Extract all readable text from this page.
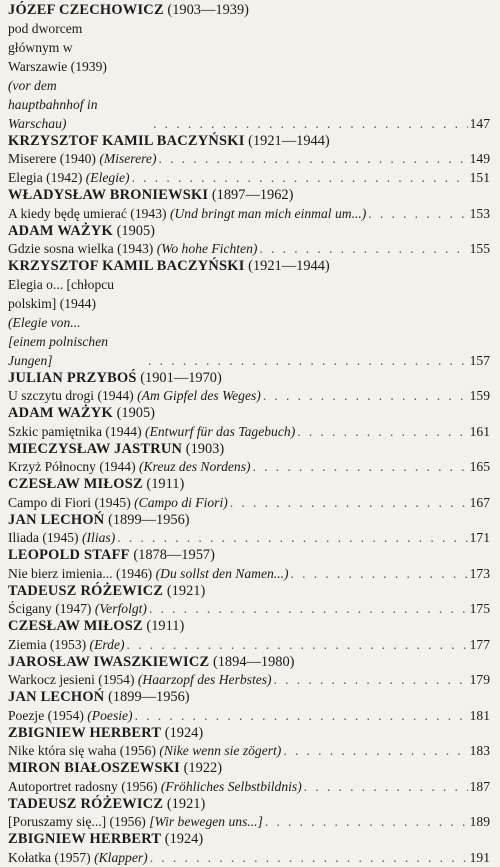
JÓZEF CZECHOWICZ (1903—1939)
pod dworcem głównym w Warszawie (1939) (vor dem hauptbahnhof in Warschau) . . .	147
KRZYSZTOF KAMIL BACZYŃSKI (1921—1944)
Miserere (1940) (Miserere) . . .	149
Elegia (1942) (Elegie) . . .	151
WŁADYSŁAW BRONIEWSKI (1897—1962)
A kiedy będę umierać (1943) (Und bringt man mich einmal um...) . . .	153
ADAM WAŻYK (1905)
Gdzie sosna wielka (1943) (Wo hohe Fichten) . . .	155
KRZYSZTOF KAMIL BACZYŃSKI (1921—1944)
Elegia o... [chłopcu polskim] (1944) (Elegie von... [einem polnischen Jungen] . . .	157
JULIAN PRZYBOŚ (1901—1970)
U szczytu drogi (1944) (Am Gipfel des Weges) . . .	159
ADAM WAŻYK (1905)
Szkic pamiętnika (1944) (Entwurf für das Tagebuch) . . .	161
MIECZYSŁAW JASTRUN (1903)
Krzyż Północny (1944) (Kreuz des Nordens) . . .	165
CZESŁAW MIŁOSZ (1911)
Campo di Fiori (1945) (Campo di Fiori) . . .	167
JAN LECHOŃ (1899—1956)
Iliada (1945) (Ilias) . . .	171
LEOPOLD STAFF (1878—1957)
Nie bierz imienia... (1946) (Du sollst den Namen...) . . .	173
TADEUSZ RÓŻEWICZ (1921)
Ścigany (1947) (Verfolgt) . . .	175
CZESŁAW MIŁOSZ (1911)
Ziemia (1953) (Erde) . . .	177
JAROSŁAW IWASZKIEWICZ (1894—1980)
Warkocz jesieni (1954) (Haarzopf des Herbstes) . . .	179
JAN LECHOŃ (1899—1956)
Poezje (1954) (Poesie) . . .	181
ZBIGNIEW HERBERT (1924)
Nike która się waha (1956) (Nike wenn sie zögert) . . .	183
MIRON BIAŁOSZEWSKI (1922)
Autoportret radosny (1956) (Fröhliches Selbstbildnis) . . .	187
TADEUSZ RÓŻEWICZ (1921)
[Poruszamy się...] (1956) [Wir bewegen uns...] . . .	189
ZBIGNIEW HERBERT (1924)
Kołatka (1957) (Klapper) . . .	191
